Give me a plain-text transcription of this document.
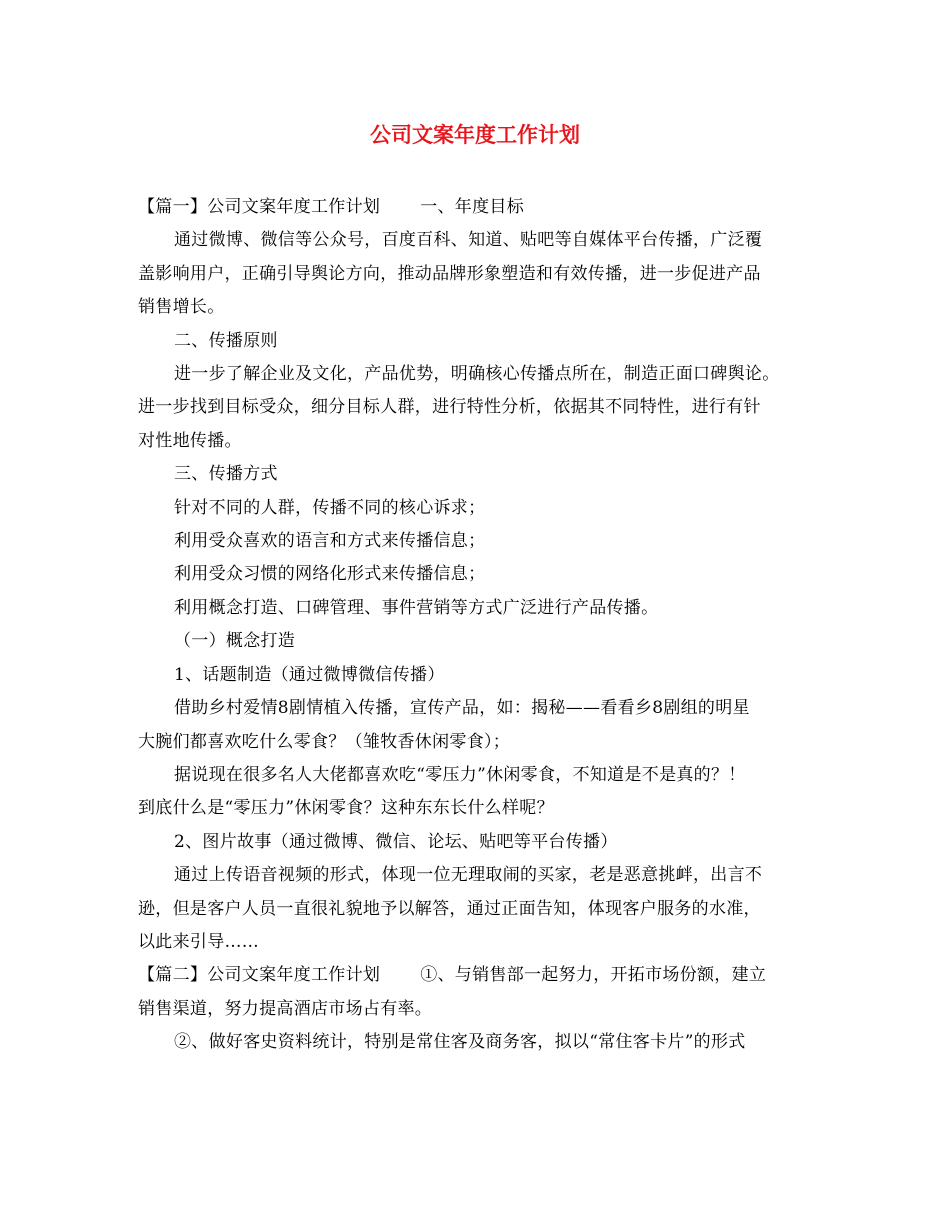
公司文案年度工作计划

【篇一】公司文案年度工作计划 一、年度目标

通过微博、微信等公众号，百度百科、知道、贴吧等自媒体平台传播，广泛覆

盖影响用户，正确引导舆论方向，推动品牌形象塑造和有效传播，进一步促进产品

销售增长。

二、传播原则

进一步了解企业及文化，产品优势，明确核心传播点所在，制造正面口碑舆论。

进一步找到目标受众，细分目标人群，进行特性分析，依据其不同特性，进行有针

对性地传播。

三、传播方式

针对不同的人群，传播不同的核心诉求；

利用受众喜欢的语言和方式来传播信息；

利用受众习惯的网络化形式来传播信息；

利用概念打造、口碑管理、事件营销等方式广泛进行产品传播。

（一）概念打造

1、话题制造（通过微博微信传播）

借助乡村爱情8剧情植入传播，宣传产品，如：揭秘——看看乡8剧组的明星

大腕们都喜欢吃什么零食？（雏牧香休闲零食）；

据说现在很多名人大佬都喜欢吃“零压力”休闲零食，不知道是不是真的？！

到底什么是“零压力”休闲零食？这种东东长什么样呢？

2、图片故事（通过微博、微信、论坛、贴吧等平台传播）

通过上传语音视频的形式，体现一位无理取闹的买家，老是恶意挑衅，出言不

逊，但是客户人员一直很礼貌地予以解答，通过正面告知，体现客户服务的水准，

以此来引导……

【篇二】公司文案年度工作计划 ①、与销售部一起努力，开拓市场份额，建立

销售渠道，努力提高酒店市场占有率。

②、做好客史资料统计，特别是常住客及商务客，拟以“常住客卡片”的形式
